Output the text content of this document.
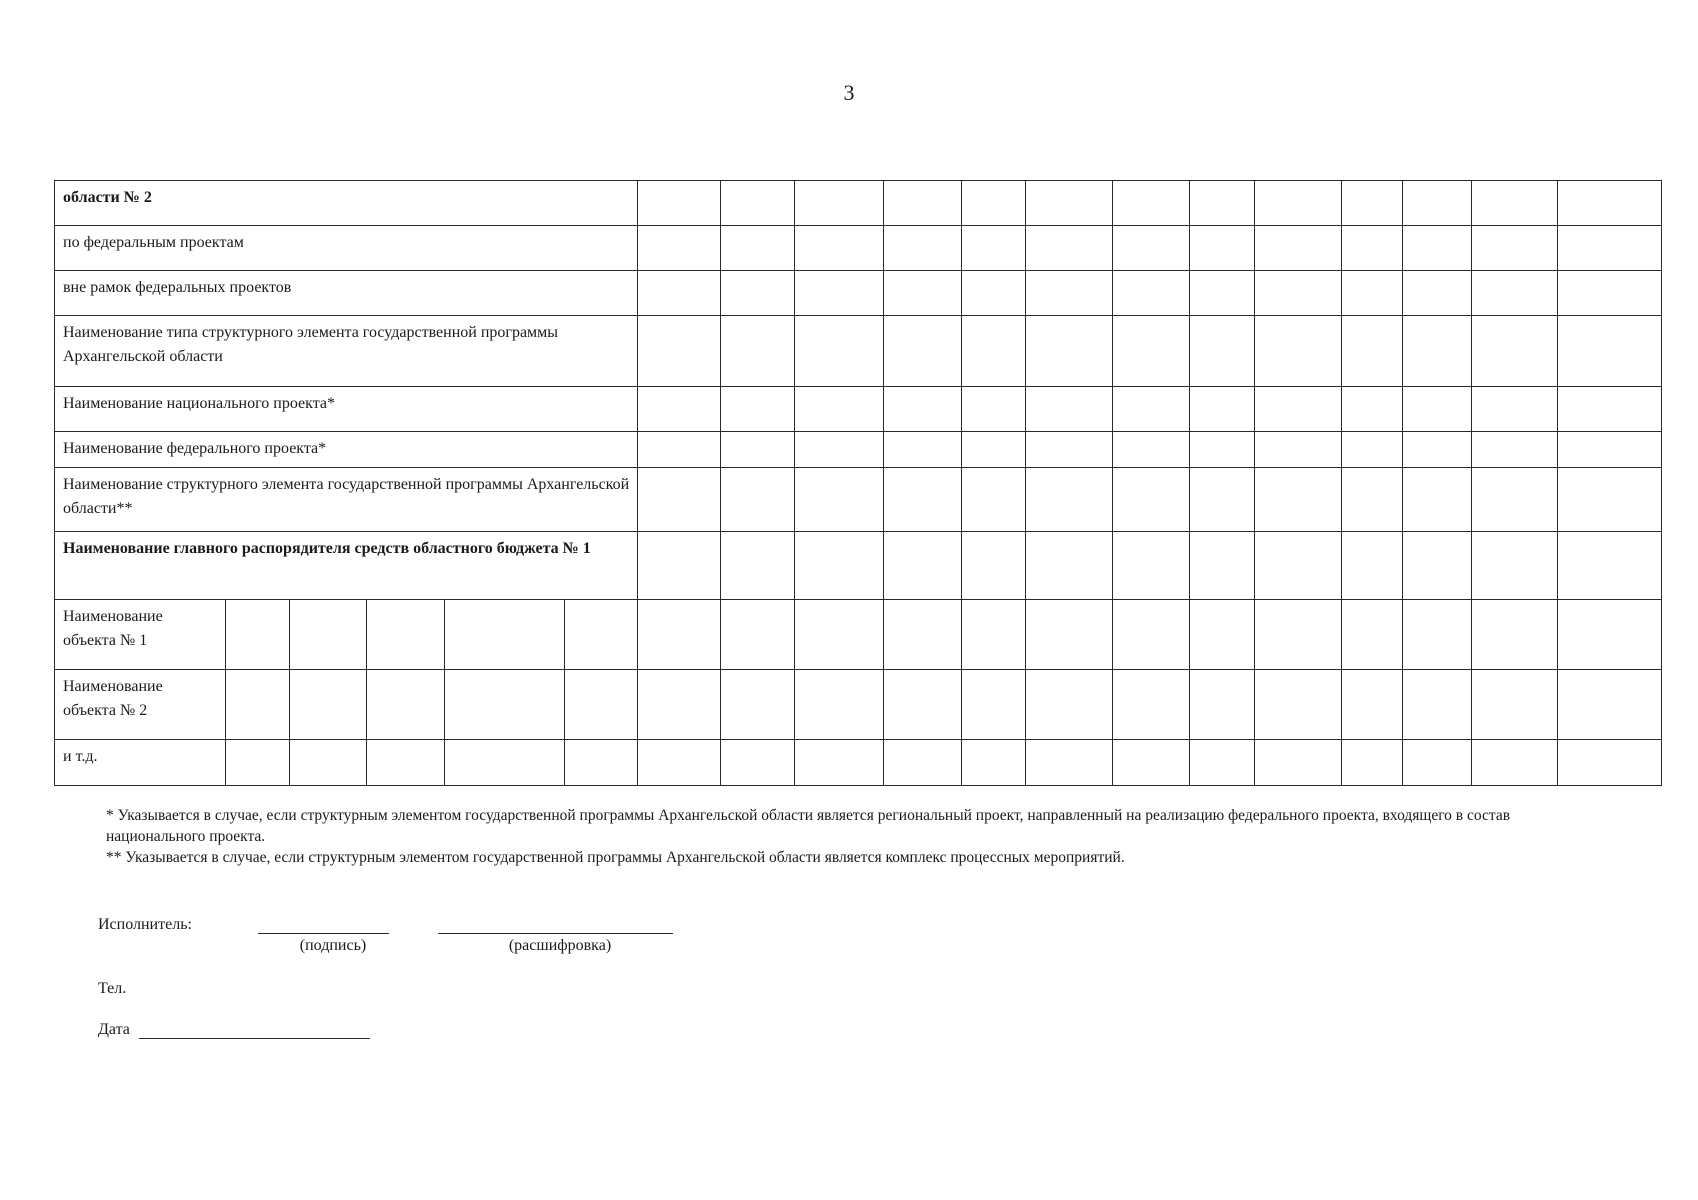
3
области № 2																		
по федеральным проектам																		
вне рамок федеральных проектов																		
Наименование типа структурного элемента государственной программы Архангельской области																		
Наименование национального проекта*																		
Наименование федерального проекта*																		
Наименование структурного элемента государственной программы Архангельской области**																		
Наименование главного распорядителя средств областного бюджета № 1																		
Наименование объекта № 1																		
Наименование объекта № 2																		
и т.д.																		

* Указывается в случае, если структурным элементом государственной программы Архангельской области является региональный проект, направленный на реализацию федерального проекта, входящего в состав национального проекта.

** Указывается в случае, если структурным элементом государственной программы Архангельской области является комплекс процессных мероприятий.

Исполнитель:
(подпись)	(расшифровка)
Тел.
Дата
